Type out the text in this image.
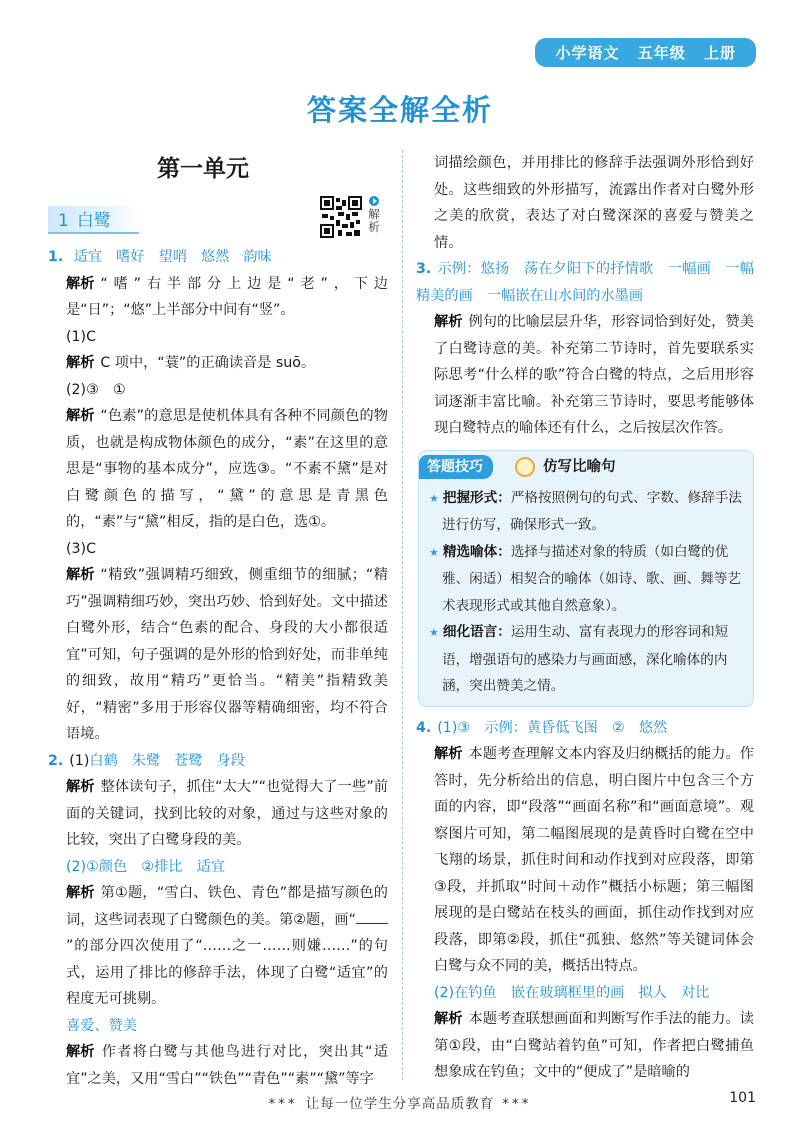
小学语文 五年级 上册
答案全解全析
第一单元
1 白鹭	解析

1. 适宜 嗜好 望哨 悠然 韵味

解析 “嗜”右半部分上边是“老”，下边是“日”；“悠”上半部分中间有“竖”。

(1)C

解析 C 项中，“蓑”的正确读音是 suō。

(2)③　①

解析 “色素”的意思是使机体具有各种不同颜色的物质，也就是构成物体颜色的成分，“素”在这里的意思是“事物的基本成分”，应选③。“不素不黛”是对白鹭颜色的描写，“黛”的意思是青黑色的，“素”与“黛”相反，指的是白色，选①。

(3)C

解析 “精致”强调精巧细致，侧重细节的细腻；“精巧”强调精细巧妙，突出巧妙、恰到好处。文中描述白鹭外形，结合“色素的配合、身段的大小都很适宜”可知，句子强调的是外形的恰到好处，而非单纯的细致，故用“精巧”更恰当。“精美”指精致美好，“精密”多用于形容仪器等精确细密，均不符合语境。

2. (1)白鹤 朱鹭 苍鹭 身段

解析 整体读句子，抓住“太大”“也觉得大了一些”前面的关键词，找到比较的对象，通过与这些对象的比较，突出了白鹭身段的美。

(2)①颜色　②排比　适宜

解析 第①题，“雪白、铁色、青色”都是描写颜色的词，这些词表现了白鹭颜色的美。第②题，画“”的部分四次使用了“……之一……则嫌……”的句式，运用了排比的修辞手法，体现了白鹭“适宜”的程度无可挑剔。

喜爱、赞美

解析 作者将白鹭与其他鸟进行对比，突出其“适宜”之美，又用“雪白”“铁色”“青色”“素”“黛”等字

词描绘颜色，并用排比的修辞手法强调外形恰到好处。这些细致的外形描写，流露出作者对白鹭外形之美的欣赏，表达了对白鹭深深的喜爱与赞美之情。

3. 示例：悠扬　荡在夕阳下的抒情歌　一幅画　一幅精美的画　一幅嵌在山水间的水墨画

解析 例句的比喻层层升华，形容词恰到好处，赞美了白鹭诗意的美。补充第二节诗时，首先要联系实际思考“什么样的歌”符合白鹭的特点，之后用形容词逐渐丰富比喻。补充第三节诗时，要思考能够体现白鹭特点的喻体还有什么，之后按层次作答。

答题技巧	仿写比喻句

★ 把握形式：严格按照例句的句式、字数、修辞手法进行仿写，确保形式一致。

★ 精选喻体：选择与描述对象的特质（如白鹭的优雅、闲适）相契合的喻体（如诗、歌、画、舞等艺术表现形式或其他自然意象）。

★ 细化语言：运用生动、富有表现力的形容词和短语，增强语句的感染力与画面感，深化喻体的内涵，突出赞美之情。

4. (1)③　示例：黄昏低飞图　②　悠然

解析 本题考查理解文本内容及归纳概括的能力。作答时，先分析给出的信息，明白图片中包含三个方面的内容，即“段落”“画面名称”和“画面意境”。观察图片可知，第二幅图展现的是黄昏时白鹭在空中飞翔的场景，抓住时间和动作找到对应段落，即第③段，并抓取“时间＋动作”概括小标题；第三幅图展现的是白鹭站在枝头的画面，抓住动作找到对应段落，即第②段，抓住“孤独、悠然”等关键词体会白鹭与众不同的美，概括出特点。

(2)在钓鱼　嵌在玻璃框里的画　拟人　对比

解析 本题考查联想画面和判断写作手法的能力。读第①段，由“白鹭站着钓鱼”可知，作者把白鹭捕鱼想象成在钓鱼；文中的“便成了”是暗喻的

*** 让每一位学生分享高品质教育 ***	101
